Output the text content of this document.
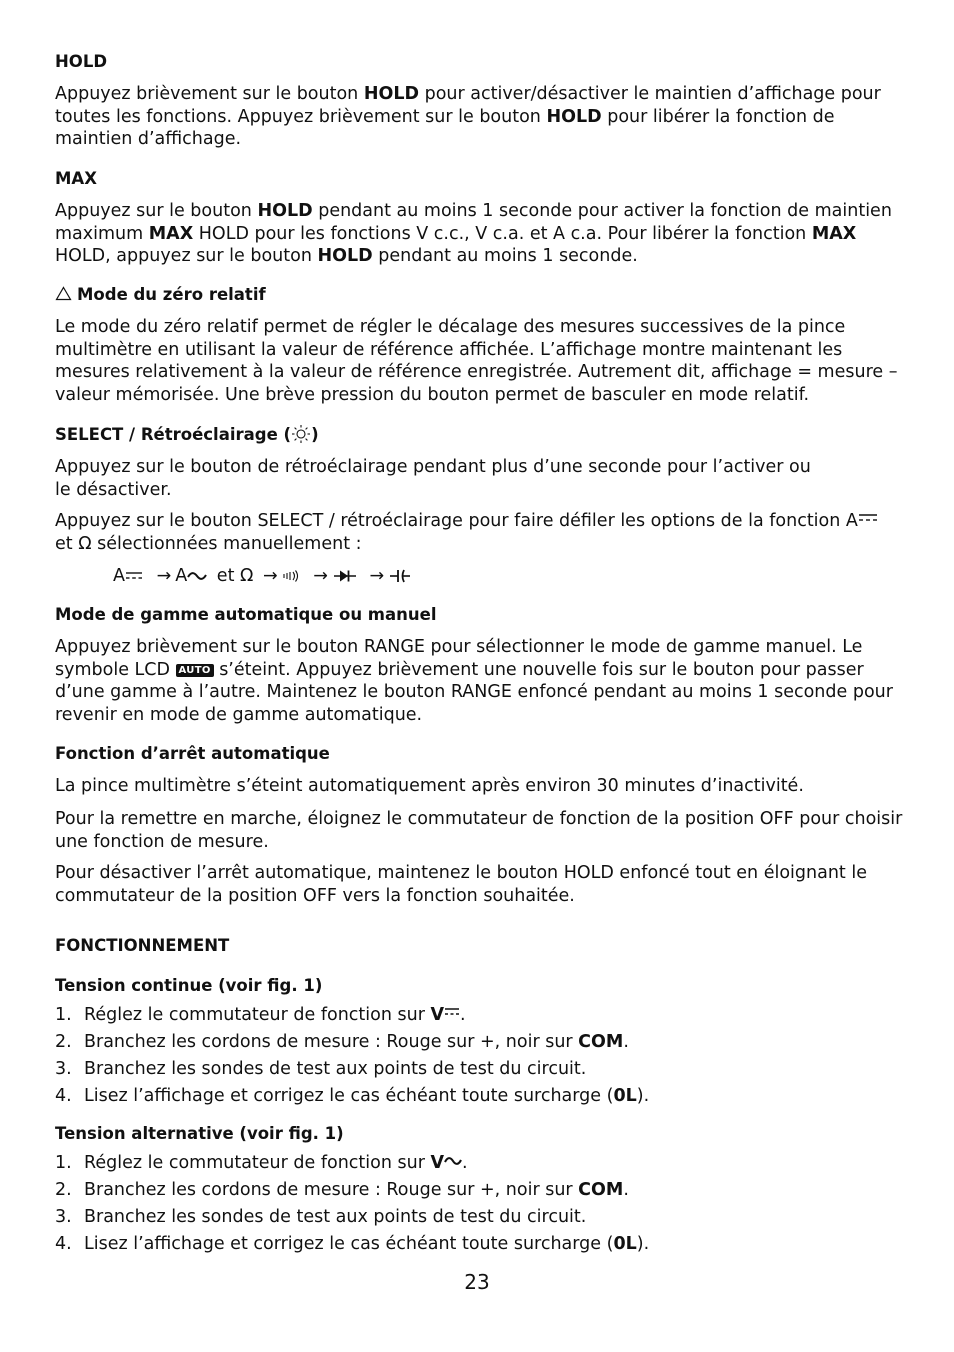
HOLD
Appuyez brièvement sur le bouton HOLD pour activer/désactiver le maintien d’affichage pour toutes les fonctions. Appuyez brièvement sur le bouton HOLD pour libérer la fonction de maintien d’affichage.
MAX
Appuyez sur le bouton HOLD pendant au moins 1 seconde pour activer la fonction de maintien maximum MAX HOLD pour les fonctions V c.c., V c.a. et A c.a. Pour libérer la fonction MAX HOLD, appuyez sur le bouton HOLD pendant au moins 1 seconde.
Mode du zéro relatif
Le mode du zéro relatif permet de régler le décalage des mesures successives de la pince multimètre en utilisant la valeur de référence affichée. L’affichage montre maintenant les mesures relativement à la valeur de référence enregistrée. Autrement dit, affichage = mesure – valeur mémorisée. Une brève pression du bouton permet de basculer en mode relatif.
SELECT / Rétroéclairage ( )
Appuyez sur le bouton de rétroéclairage pendant plus d’une seconde pour l’activer ou
le désactiver.
Appuyez sur le bouton SELECT / rétroéclairage pour faire défiler les options de la fonction A
et Ω sélectionnées manuellement :
A → A et Ω → → →
Mode de gamme automatique ou manuel
Appuyez brièvement sur le bouton RANGE pour sélectionner le mode de gamme manuel. Le symbole LCD AUTO s’éteint. Appuyez brièvement une nouvelle fois sur le bouton pour passer d’une gamme à l’autre. Maintenez le bouton RANGE enfoncé pendant au moins 1 seconde pour revenir en mode de gamme automatique.
Fonction d’arrêt automatique
La pince multimètre s’éteint automatiquement après environ 30 minutes d’inactivité.
Pour la remettre en marche, éloignez le commutateur de fonction de la position OFF pour choisir une fonction de mesure.
Pour désactiver l’arrêt automatique, maintenez le bouton HOLD enfoncé tout en éloignant le commutateur de la position OFF vers la fonction souhaitée.
FONCTIONNEMENT
Tension continue (voir fig. 1)
1. Réglez le commutateur de fonction sur V .
2. Branchez les cordons de mesure : Rouge sur +, noir sur COM.
3. Branchez les sondes de test aux points de test du circuit.
4. Lisez l’affichage et corrigez le cas échéant toute surcharge (0L).
Tension alternative (voir fig. 1)
1. Réglez le commutateur de fonction sur V .
2. Branchez les cordons de mesure : Rouge sur +, noir sur COM.
3. Branchez les sondes de test aux points de test du circuit.
4. Lisez l’affichage et corrigez le cas échéant toute surcharge (0L).
23
